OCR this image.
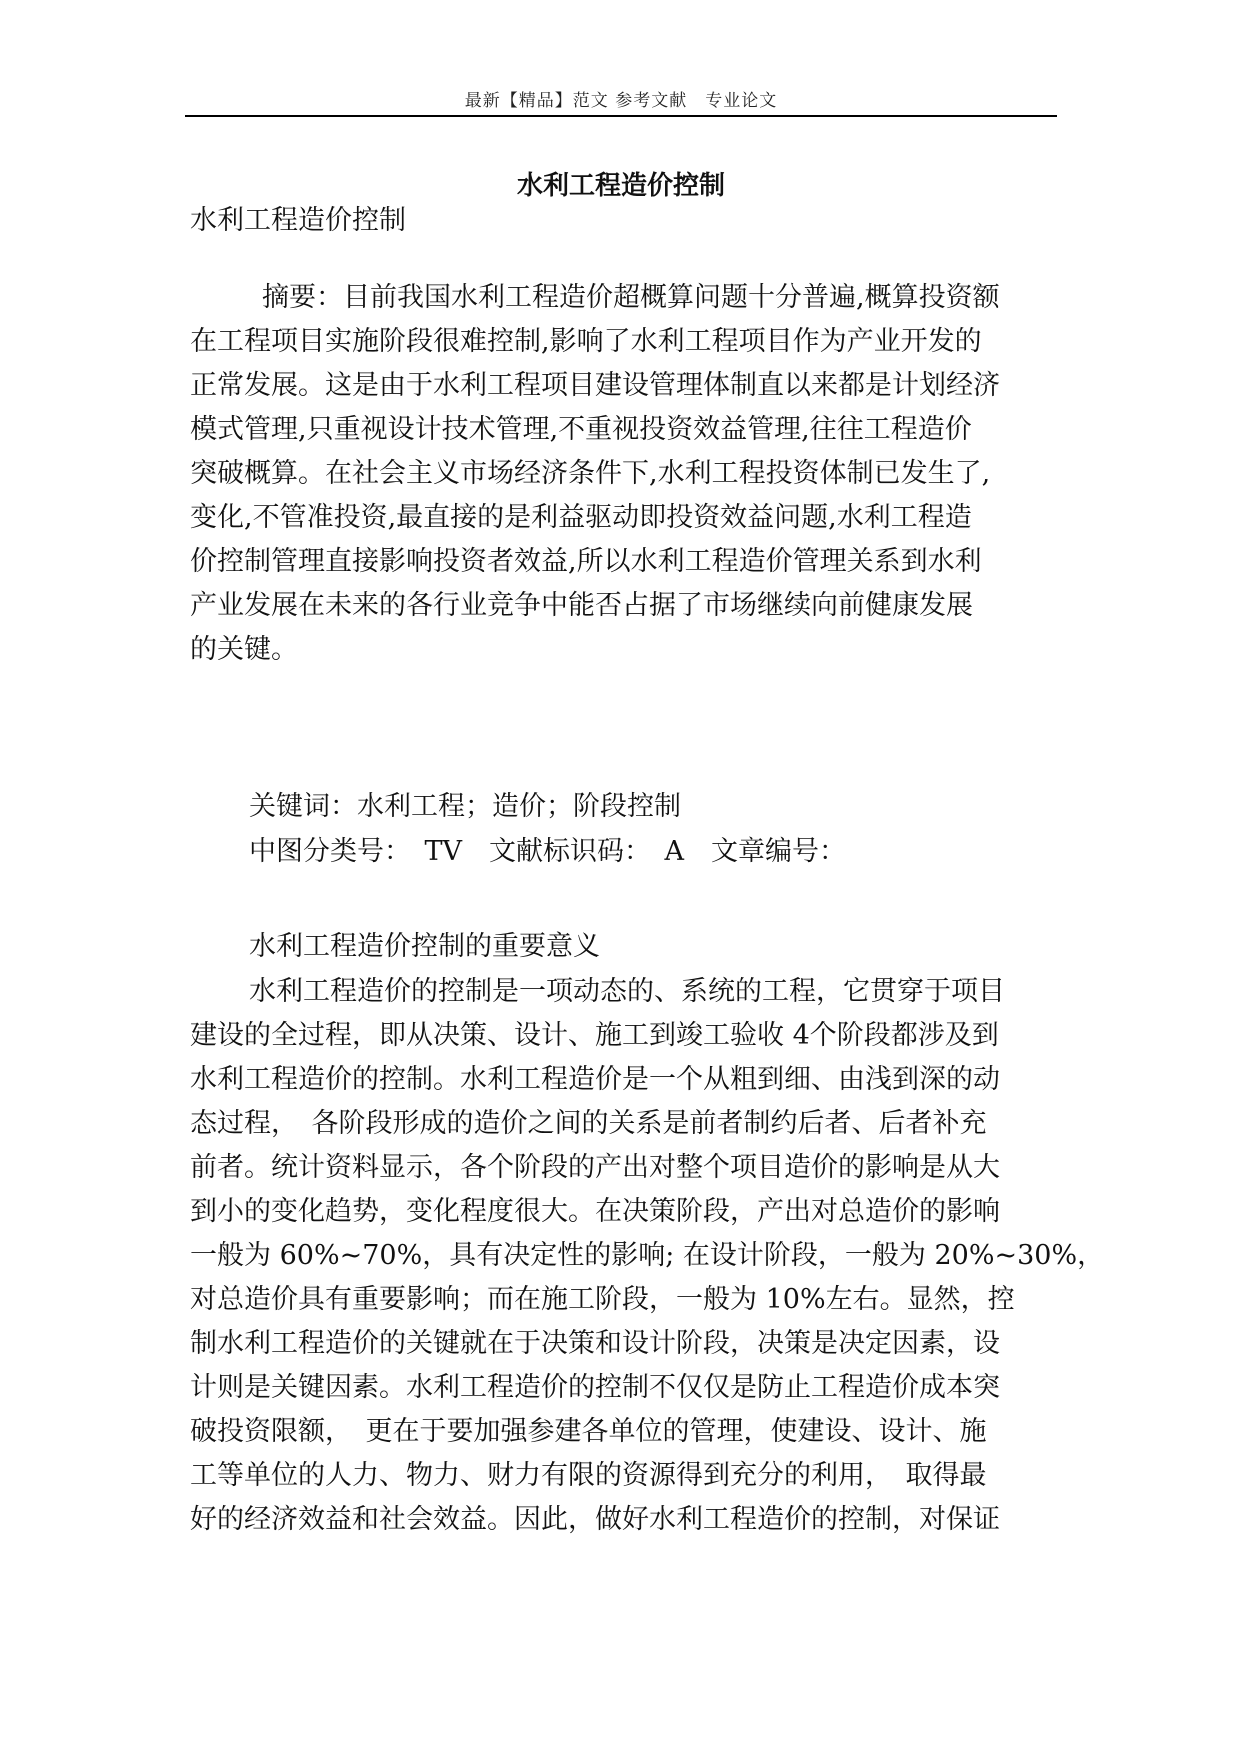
最新【精品】范文 参考文献　专业论文
水利工程造价控制
水利工程造价控制
摘要：目前我国水利工程造价超概算问题十分普遍,概算投资额
在工程项目实施阶段很难控制,影响了水利工程项目作为产业开发的
正常发展。这是由于水利工程项目建设管理体制直以来都是计划经济
模式管理,只重视设计技术管理,不重视投资效益管理,往往工程造价
突破概算。在社会主义市场经济条件下,水利工程投资体制已发生了,
变化,不管准投资,最直接的是利益驱动即投资效益问题,水利工程造
价控制管理直接影响投资者效益,所以水利工程造价管理关系到水利
产业发展在未来的各行业竞争中能否占据了市场继续向前健康发展
的关键。
关键词：水利工程；造价；阶段控制
中图分类号：　TV　文献标识码：　A　文章编号：
水利工程造价控制的重要意义
水利工程造价的控制是一项动态的、系统的工程，它贯穿于项目
建设的全过程，即从决策、设计、施工到竣工验收 4个阶段都涉及到
水利工程造价的控制。水利工程造价是一个从粗到细、由浅到深的动
态过程，　各阶段形成的造价之间的关系是前者制约后者、后者补充
前者。统计资料显示，各个阶段的产出对整个项目造价的影响是从大
到小的变化趋势，变化程度很大。在决策阶段，产出对总造价的影响
一般为 60%~70%，具有决定性的影响; 在设计阶段，一般为 20%~30%，
对总造价具有重要影响；而在施工阶段，一般为 10%左右。显然，控
制水利工程造价的关键就在于决策和设计阶段，决策是决定因素，设
计则是关键因素。水利工程造价的控制不仅仅是防止工程造价成本突
破投资限额，　更在于要加强参建各单位的管理，使建设、设计、施
工等单位的人力、物力、财力有限的资源得到充分的利用，　取得最
好的经济效益和社会效益。因此，做好水利工程造价的控制，对保证
